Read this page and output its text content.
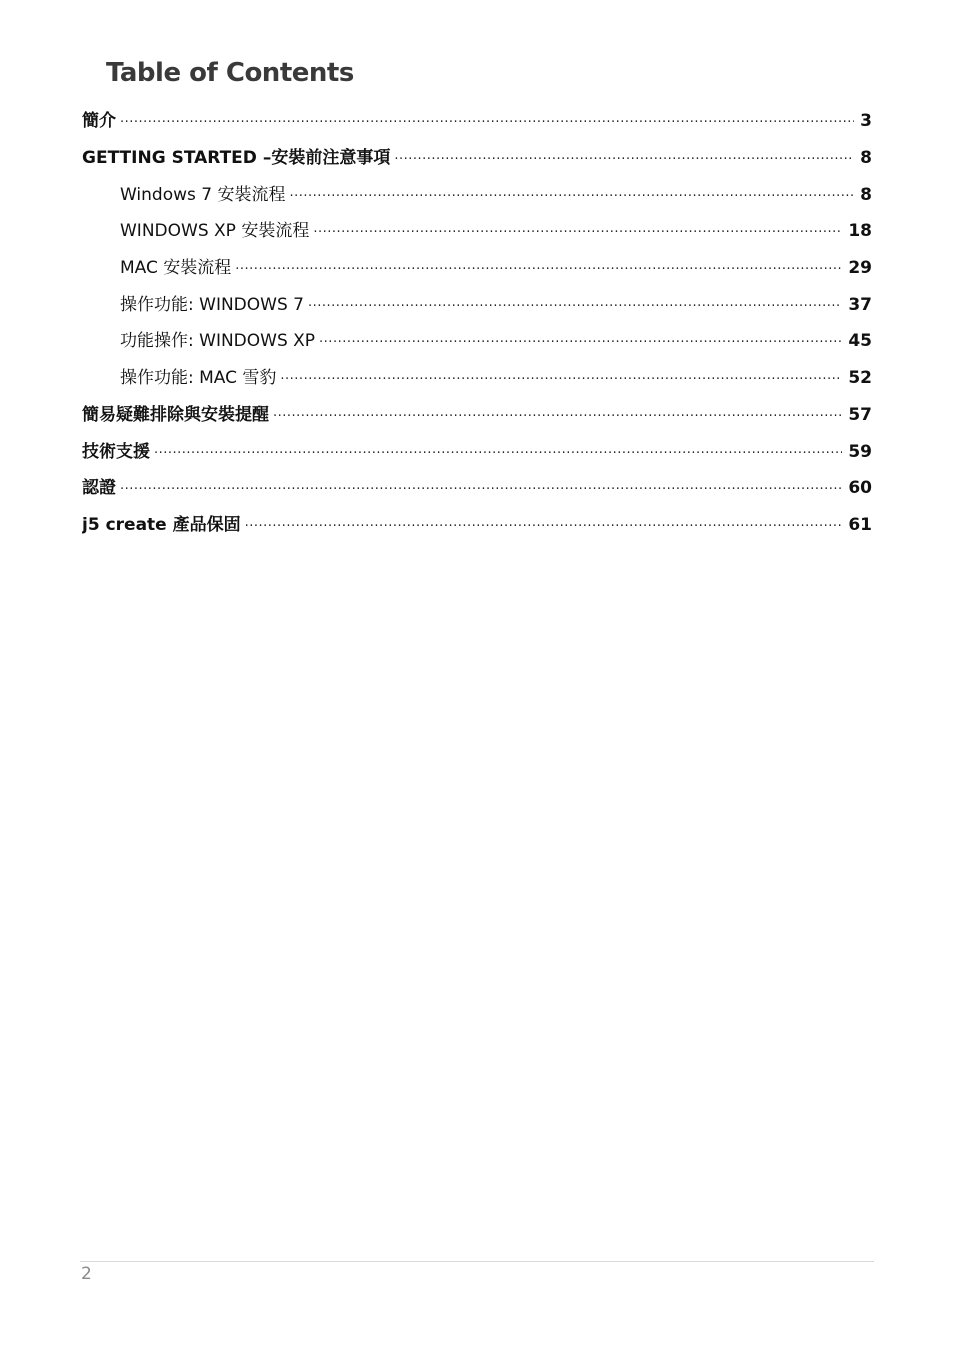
Table of Contents
簡介 .....	3
GETTING STARTED –安裝前注意事項 .....	8
Windows 7 安裝流程 .....	8
WINDOWS XP 安裝流程 .....	18
MAC 安裝流程 .....	29
操作功能: WINDOWS 7 .....	37
功能操作: WINDOWS XP .....	45
操作功能: MAC 雪豹 .....	52
簡易疑難排除與安裝提醒 .....	57
技術支援 .....	59
認證 .....	60
j5 create 產品保固 .....	61
2
